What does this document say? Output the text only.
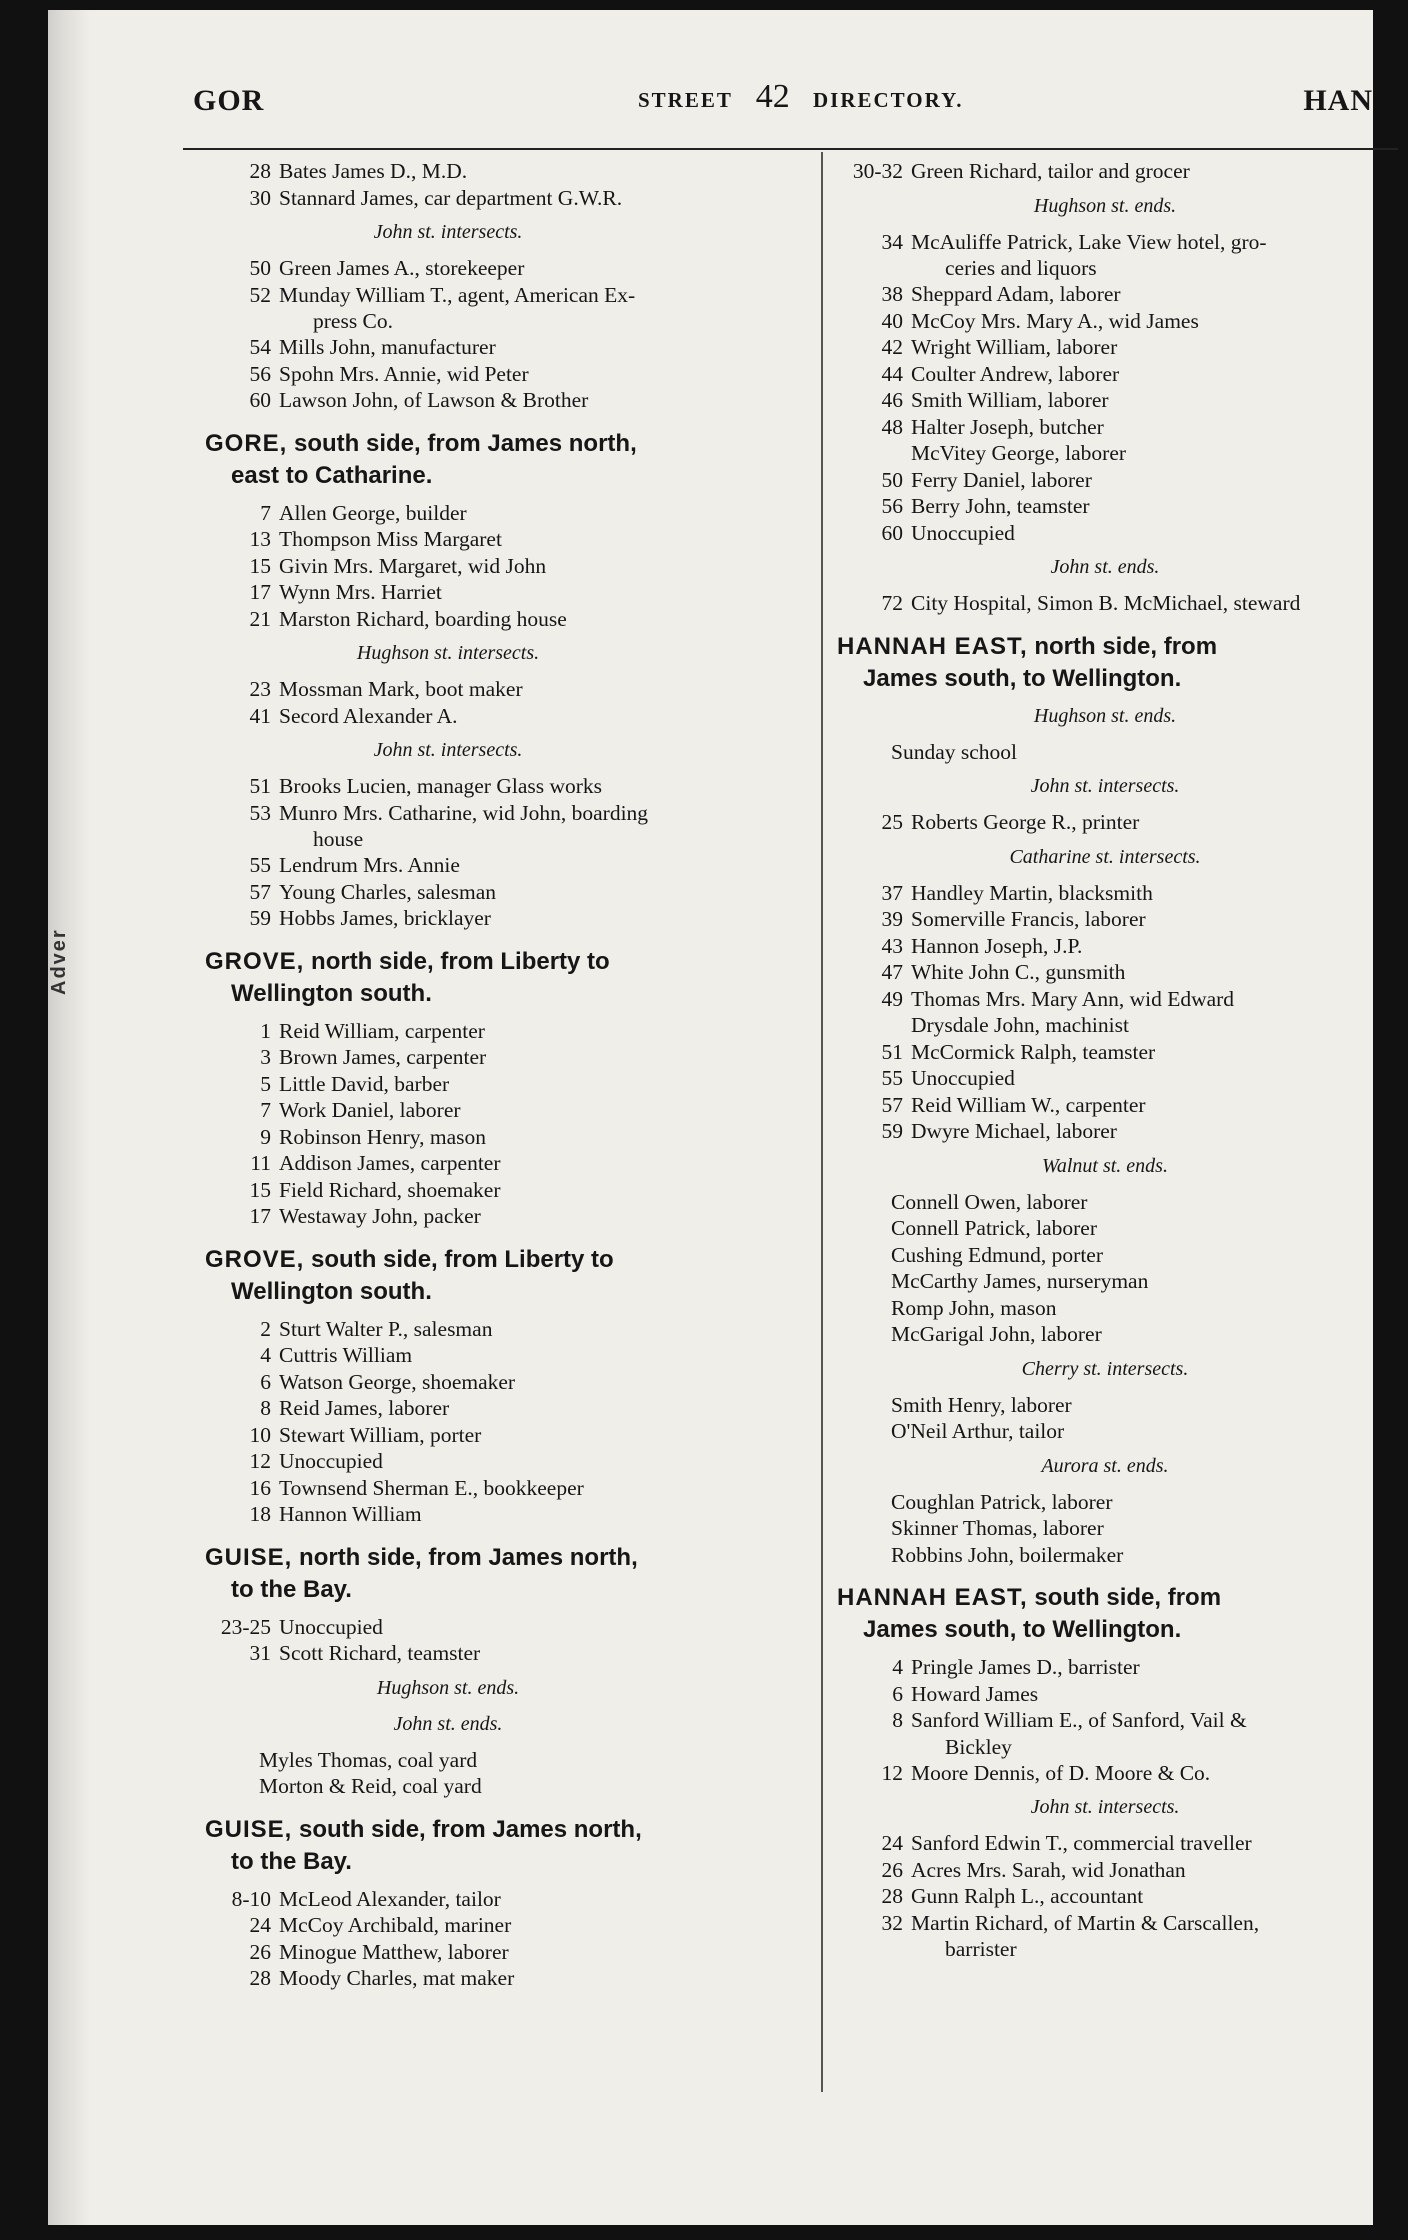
Adver
GOR	STREET 42 DIRECTORY.	HAN
28 Bates James D., M.D.
30 Stannard James, car department G.W.R.
John st. intersects.
50 Green James A., storekeeper
52 Munday William T., agent, American Ex-
press Co.
54 Mills John, manufacturer
56 Spohn Mrs. Annie, wid Peter
60 Lawson John, of Lawson & Brother
GORE, south side, from James north,
east to Catharine.
7 Allen George, builder
13 Thompson Miss Margaret
15 Givin Mrs. Margaret, wid John
17 Wynn Mrs. Harriet
21 Marston Richard, boarding house
Hughson st. intersects.
23 Mossman Mark, boot maker
41 Secord Alexander A.
John st. intersects.
51 Brooks Lucien, manager Glass works
53 Munro Mrs. Catharine, wid John, boarding
house
55 Lendrum Mrs. Annie
57 Young Charles, salesman
59 Hobbs James, bricklayer
GROVE, north side, from Liberty to
Wellington south.
1 Reid William, carpenter
3 Brown James, carpenter
5 Little David, barber
7 Work Daniel, laborer
9 Robinson Henry, mason
11 Addison James, carpenter
15 Field Richard, shoemaker
17 Westaway John, packer
GROVE, south side, from Liberty to
Wellington south.
2 Sturt Walter P., salesman
4 Cuttris William
6 Watson George, shoemaker
8 Reid James, laborer
10 Stewart William, porter
12 Unoccupied
16 Townsend Sherman E., bookkeeper
18 Hannon William
GUISE, north side, from James north,
to the Bay.
23-25 Unoccupied
31 Scott Richard, teamster
Hughson st. ends.
John st. ends.
Myles Thomas, coal yard
Morton & Reid, coal yard
GUISE, south side, from James north,
to the Bay.
8-10 McLeod Alexander, tailor
24 McCoy Archibald, mariner
26 Minogue Matthew, laborer
28 Moody Charles, mat maker
30-32 Green Richard, tailor and grocer
Hughson st. ends.
34 McAuliffe Patrick, Lake View hotel, gro-
ceries and liquors
38 Sheppard Adam, laborer
40 McCoy Mrs. Mary A., wid James
42 Wright William, laborer
44 Coulter Andrew, laborer
46 Smith William, laborer
48 Halter Joseph, butcher
McVitey George, laborer
50 Ferry Daniel, laborer
56 Berry John, teamster
60 Unoccupied
John st. ends.
72 City Hospital, Simon B. McMichael, steward
HANNAH EAST, north side, from
James south, to Wellington.
Hughson st. ends.
Sunday school
John st. intersects.
25 Roberts George R., printer
Catharine st. intersects.
37 Handley Martin, blacksmith
39 Somerville Francis, laborer
43 Hannon Joseph, J.P.
47 White John C., gunsmith
49 Thomas Mrs. Mary Ann, wid Edward
Drysdale John, machinist
51 McCormick Ralph, teamster
55 Unoccupied
57 Reid William W., carpenter
59 Dwyre Michael, laborer
Walnut st. ends.
Connell Owen, laborer
Connell Patrick, laborer
Cushing Edmund, porter
McCarthy James, nurseryman
Romp John, mason
McGarigal John, laborer
Cherry st. intersects.
Smith Henry, laborer
O'Neil Arthur, tailor
Aurora st. ends.
Coughlan Patrick, laborer
Skinner Thomas, laborer
Robbins John, boilermaker
HANNAH EAST, south side, from
James south, to Wellington.
4 Pringle James D., barrister
6 Howard James
8 Sanford William E., of Sanford, Vail &
Bickley
12 Moore Dennis, of D. Moore & Co.
John st. intersects.
24 Sanford Edwin T., commercial traveller
26 Acres Mrs. Sarah, wid Jonathan
28 Gunn Ralph L., accountant
32 Martin Richard, of Martin & Carscallen,
barrister
